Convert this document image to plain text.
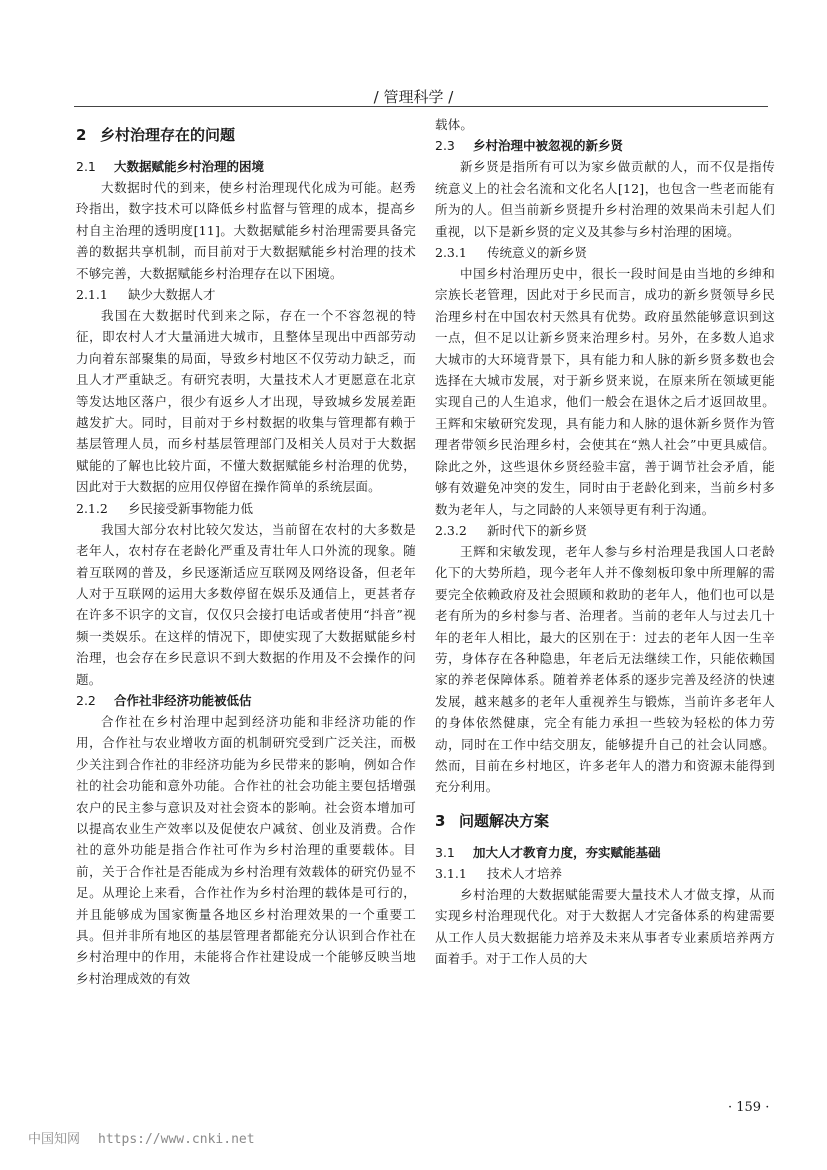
/ 管理科学 /
2 乡村治理存在的问题
2.1 大数据赋能乡村治理的困境

大数据时代的到来，使乡村治理现代化成为可能。赵秀玲指出，数字技术可以降低乡村监督与管理的成本，提高乡村自主治理的透明度[11]。大数据赋能乡村治理需要具备完善的数据共享机制，而目前对于大数据赋能乡村治理的技术不够完善，大数据赋能乡村治理存在以下困境。

2.1.1 缺少大数据人才

我国在大数据时代到来之际，存在一个不容忽视的特征，即农村人才大量涌进大城市，且整体呈现出中西部劳动力向着东部聚集的局面，导致乡村地区不仅劳动力缺乏，而且人才严重缺乏。有研究表明，大量技术人才更愿意在北京等发达地区落户，很少有返乡人才出现，导致城乡发展差距越发扩大。同时，目前对于乡村数据的收集与管理都有赖于基层管理人员，而乡村基层管理部门及相关人员对于大数据赋能的了解也比较片面，不懂大数据赋能乡村治理的优势，因此对于大数据的应用仅停留在操作简单的系统层面。

2.1.2 乡民接受新事物能力低

我国大部分农村比较欠发达，当前留在农村的大多数是老年人，农村存在老龄化严重及青壮年人口外流的现象。随着互联网的普及，乡民逐渐适应互联网及网络设备，但老年人对于互联网的运用大多数停留在娱乐及通信上，更甚者存在许多不识字的文盲，仅仅只会接打电话或者使用“抖音”视频一类娱乐。在这样的情况下，即使实现了大数据赋能乡村治理，也会存在乡民意识不到大数据的作用及不会操作的问题。

2.2 合作社非经济功能被低估

合作社在乡村治理中起到经济功能和非经济功能的作用，合作社与农业增收方面的机制研究受到广泛关注，而极少关注到合作社的非经济功能为乡民带来的影响，例如合作社的社会功能和意外功能。合作社的社会功能主要包括增强农户的民主参与意识及对社会资本的影响。社会资本增加可以提高农业生产效率以及促使农户减贫、创业及消费。合作社的意外功能是指合作社可作为乡村治理的重要载体。目前，关于合作社是否能成为乡村治理有效载体的研究仍显不足。从理论上来看，合作社作为乡村治理的载体是可行的，并且能够成为国家衡量各地区乡村治理效果的一个重要工具。但并非所有地区的基层管理者都能充分认识到合作社在乡村治理中的作用，未能将合作社建设成一个能够反映当地乡村治理成效的有效

载体。

2.3 乡村治理中被忽视的新乡贤

新乡贤是指所有可以为家乡做贡献的人，而不仅是指传统意义上的社会名流和文化名人[12]，也包含一些老而能有所为的人。但当前新乡贤提升乡村治理的效果尚未引起人们重视，以下是新乡贤的定义及其参与乡村治理的困境。

2.3.1 传统意义的新乡贤

中国乡村治理历史中，很长一段时间是由当地的乡绅和宗族长老管理，因此对于乡民而言，成功的新乡贤领导乡民治理乡村在中国农村天然具有优势。政府虽然能够意识到这一点，但不足以让新乡贤来治理乡村。另外，在多数人追求大城市的大环境背景下，具有能力和人脉的新乡贤多数也会选择在大城市发展，对于新乡贤来说，在原来所在领域更能实现自己的人生追求，他们一般会在退休之后才返回故里。王辉和宋敏研究发现，具有能力和人脉的退休新乡贤作为管理者带领乡民治理乡村，会使其在“熟人社会”中更具威信。除此之外，这些退休乡贤经验丰富，善于调节社会矛盾，能够有效避免冲突的发生，同时由于老龄化到来，当前乡村多数为老年人，与之同龄的人来领导更有利于沟通。

2.3.2 新时代下的新乡贤

王辉和宋敏发现，老年人参与乡村治理是我国人口老龄化下的大势所趋，现今老年人并不像刻板印象中所理解的需要完全依赖政府及社会照顾和救助的老年人，他们也可以是老有所为的乡村参与者、治理者。当前的老年人与过去几十年的老年人相比，最大的区别在于：过去的老年人因一生辛劳，身体存在各种隐患，年老后无法继续工作，只能依赖国家的养老保障体系。随着养老体系的逐步完善及经济的快速发展，越来越多的老年人重视养生与锻炼，当前许多老年人的身体依然健康，完全有能力承担一些较为轻松的体力劳动，同时在工作中结交朋友，能够提升自己的社会认同感。然而，目前在乡村地区，许多老年人的潜力和资源未能得到充分利用。

3 问题解决方案
3.1 加大人才教育力度，夯实赋能基础
3.1.1 技术人才培养

乡村治理的大数据赋能需要大量技术人才做支撑，从而实现乡村治理现代化。对于大数据人才完备体系的构建需要从工作人员大数据能力培养及未来从事者专业素质培养两方面着手。对于工作人员的大

· 159 ·
中国知网 https://www.cnki.net
